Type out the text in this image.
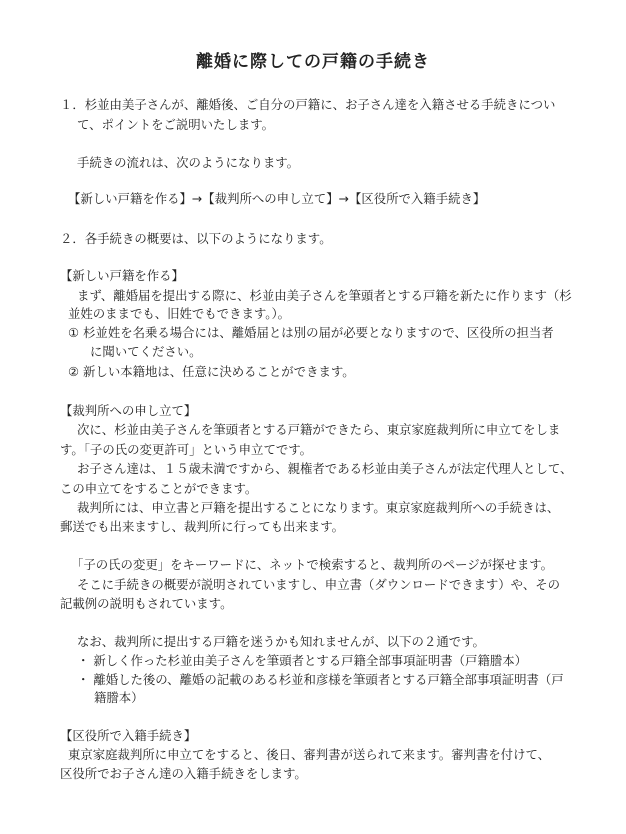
離婚に際しての戸籍の手続き
１．杉並由美子さんが、離婚後、ご自分の戸籍に、お子さん達を入籍させる手続きについ
て、ポイントをご説明いたします。
手続きの流れは、次のようになります。
【新しい戸籍を作る】→【裁判所への申し立て】→【区役所で入籍手続き】
２．各手続きの概要は、以下のようになります。
【新しい戸籍を作る】
まず、離婚届を提出する際に、杉並由美子さんを筆頭者とする戸籍を新たに作ります（杉
並姓のままでも、旧姓でもできます。）。
① 杉並姓を名乗る場合には、離婚届とは別の届が必要となりますので、区役所の担当者
に聞いてください。
② 新しい本籍地は、任意に決めることができます。
【裁判所への申し立て】
次に、杉並由美子さんを筆頭者とする戸籍ができたら、東京家庭裁判所に申立てをしま
す。「子の氏の変更許可」という申立てです。
お子さん達は、１５歳未満ですから、親権者である杉並由美子さんが法定代理人として、
この申立てをすることができます。
裁判所には、申立書と戸籍を提出することになります。東京家庭裁判所への手続きは、
郵送でも出来ますし、裁判所に行っても出来ます。
「子の氏の変更」をキーワードに、ネットで検索すると、裁判所のページが探せます。
そこに手続きの概要が説明されていますし、申立書（ダウンロードできます）や、その
記載例の説明もされています。
なお、裁判所に提出する戸籍を迷うかも知れませんが、以下の２通です。
・ 新しく作った杉並由美子さんを筆頭者とする戸籍全部事項証明書（戸籍謄本）
・ 離婚した後の、離婚の記載のある杉並和彦様を筆頭者とする戸籍全部事項証明書（戸
籍謄本）
【区役所で入籍手続き】
東京家庭裁判所に申立てをすると、後日、審判書が送られて来ます。審判書を付けて、
区役所でお子さん達の入籍手続きをします。
